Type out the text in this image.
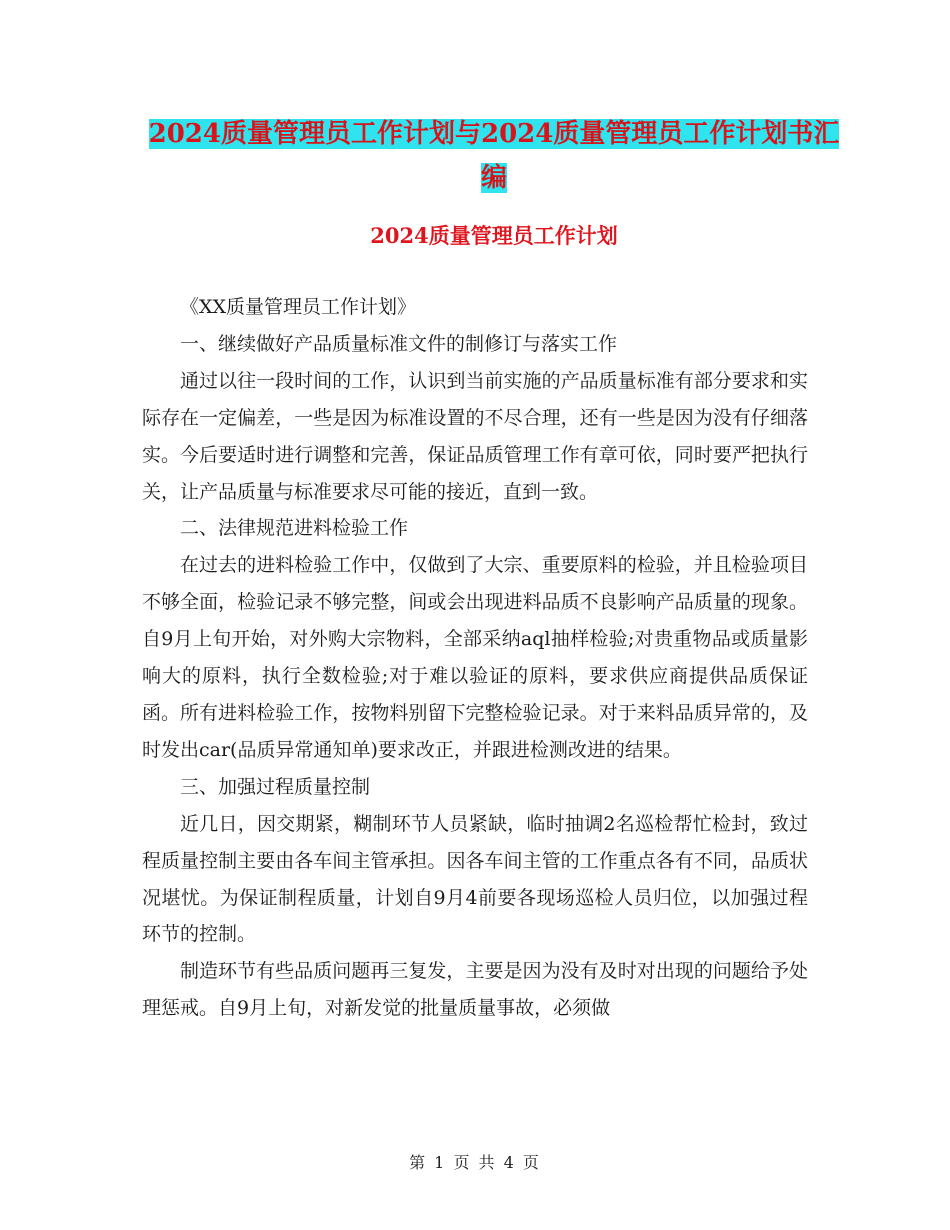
2024质量管理员工作计划与2024质量管理员工作计划书汇编
2024质量管理员工作计划

《XX质量管理员工作计划》

一、继续做好产品质量标准文件的制修订与落实工作

通过以往一段时间的工作，认识到当前实施的产品质量标准有部分要求和实际存在一定偏差，一些是因为标准设置的不尽合理，还有一些是因为没有仔细落实。今后要适时进行调整和完善，保证品质管理工作有章可依，同时要严把执行关，让产品质量与标准要求尽可能的接近，直到一致。

二、法律规范进料检验工作

在过去的进料检验工作中，仅做到了大宗、重要原料的检验，并且检验项目不够全面，检验记录不够完整，间或会出现进料品质不良影响产品质量的现象。自9月上旬开始，对外购大宗物料，全部采纳aql抽样检验;对贵重物品或质量影响大的原料，执行全数检验;对于难以验证的原料，要求供应商提供品质保证函。所有进料检验工作，按物料别留下完整检验记录。对于来料品质异常的，及时发出car(品质异常通知单)要求改正，并跟进检测改进的结果。

三、加强过程质量控制

近几日，因交期紧，糊制环节人员紧缺，临时抽调2名巡检帮忙检封，致过程质量控制主要由各车间主管承担。因各车间主管的工作重点各有不同，品质状况堪忧。为保证制程质量，计划自9月4前要各现场巡检人员归位，以加强过程环节的控制。

制造环节有些品质问题再三复发，主要是因为没有及时对出现的问题给予处理惩戒。自9月上旬，对新发觉的批量质量事故，必须做

第 1 页 共 4 页
